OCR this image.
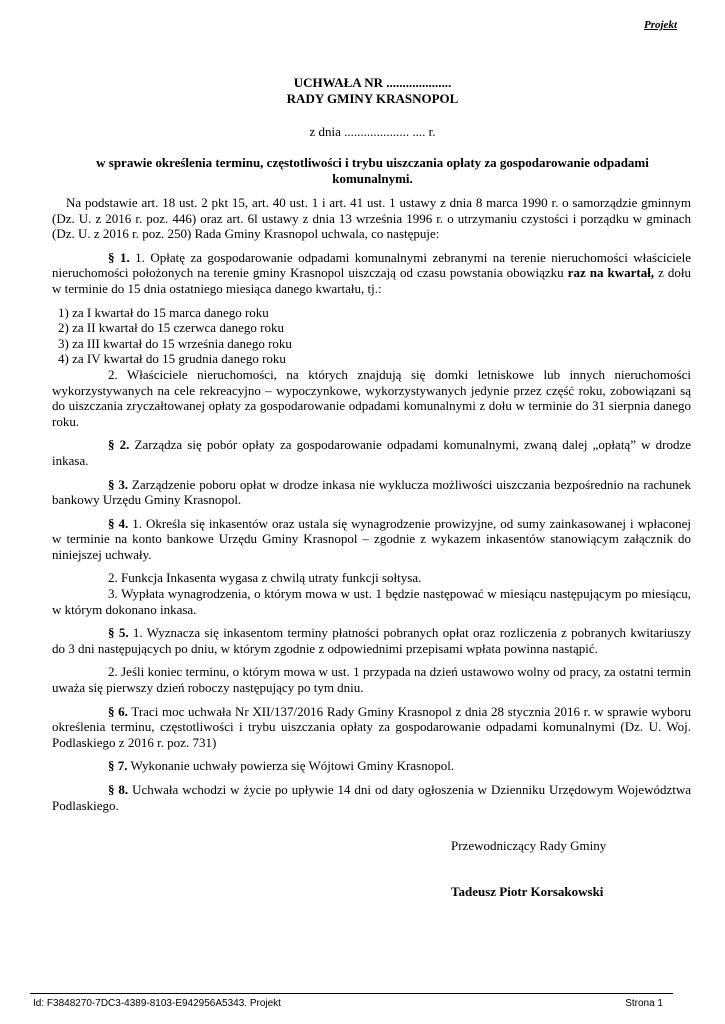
Projekt
UCHWAŁA NR ....................
RADY GMINY KRASNOPOL
z dnia .................... .... r.
w sprawie określenia terminu, częstotliwości i trybu uiszczania opłaty za gospodarowanie odpadami komunalnymi.

Na podstawie art. 18 ust. 2 pkt 15, art. 40 ust. 1 i art. 41 ust. 1 ustawy z dnia 8 marca 1990 r. o samorządzie gminnym (Dz. U. z 2016 r. poz. 446) oraz art. 6l ustawy z dnia 13 września 1996 r. o utrzymaniu czystości i porządku w gminach (Dz. U. z 2016 r. poz. 250) Rada Gminy Krasnopol uchwala, co następuje:

§ 1. 1. Opłatę za gospodarowanie odpadami komunalnymi zebranymi na terenie nieruchomości właściciele nieruchomości położonych na terenie gminy Krasnopol uiszczają od czasu powstania obowiązku raz na kwartał, z dołu w terminie do 15 dnia ostatniego miesiąca danego kwartału, tj.:

1) za I kwartał do 15 marca danego roku

2) za II kwartał do 15 czerwca danego roku

3) za III kwartał do 15 września danego roku

4) za IV kwartał do 15 grudnia danego roku

2. Właściciele nieruchomości, na których znajdują się domki letniskowe lub innych nieruchomości wykorzystywanych na cele rekreacyjno – wypoczynkowe, wykorzystywanych jedynie przez część roku, zobowiązani są do uiszczania zryczałtowanej opłaty za gospodarowanie odpadami komunalnymi z dołu w terminie do 31 sierpnia danego roku.

§ 2. Zarządza się pobór opłaty za gospodarowanie odpadami komunalnymi, zwaną dalej „opłatą” w drodze inkasa.

§ 3. Zarządzenie poboru opłat w drodze inkasa nie wyklucza możliwości uiszczania bezpośrednio na rachunek bankowy Urzędu Gminy Krasnopol.

§ 4. 1. Określa się inkasentów oraz ustala się wynagrodzenie prowizyjne, od sumy zainkasowanej i wpłaconej w terminie na konto bankowe Urzędu Gminy Krasnopol – zgodnie z wykazem inkasentów stanowiącym załącznik do niniejszej uchwały.

2. Funkcja Inkasenta wygasa z chwilą utraty funkcji sołtysa.

3. Wypłata wynagrodzenia, o którym mowa w ust. 1 będzie następować w miesiącu następującym po miesiącu, w którym dokonano inkasa.

§ 5. 1. Wyznacza się inkasentom terminy płatności pobranych opłat oraz rozliczenia z pobranych kwitariuszy do 3 dni następujących po dniu, w którym zgodnie z odpowiednimi przepisami wpłata powinna nastąpić.

2. Jeśli koniec terminu, o którym mowa w ust. 1 przypada na dzień ustawowo wolny od pracy, za ostatni termin uważa się pierwszy dzień roboczy następujący po tym dniu.

§ 6. Traci moc uchwała Nr XII/137/2016 Rady Gminy Krasnopol z dnia 28 stycznia 2016 r. w sprawie wyboru określenia terminu, częstotliwości i trybu uiszczania opłaty za gospodarowanie odpadami komunalnymi (Dz. U. Woj. Podlaskiego z 2016 r. poz. 731)

§ 7. Wykonanie uchwały powierza się Wójtowi Gminy Krasnopol.

§ 8. Uchwała wchodzi w życie po upływie 14 dni od daty ogłoszenia w Dzienniku Urzędowym Województwa Podlaskiego.

Przewodniczący Rady Gminy
Tadeusz Piotr Korsakowski
Id: F3848270-7DC3-4389-8103-E942956A5343. Projekt	Strona 1
